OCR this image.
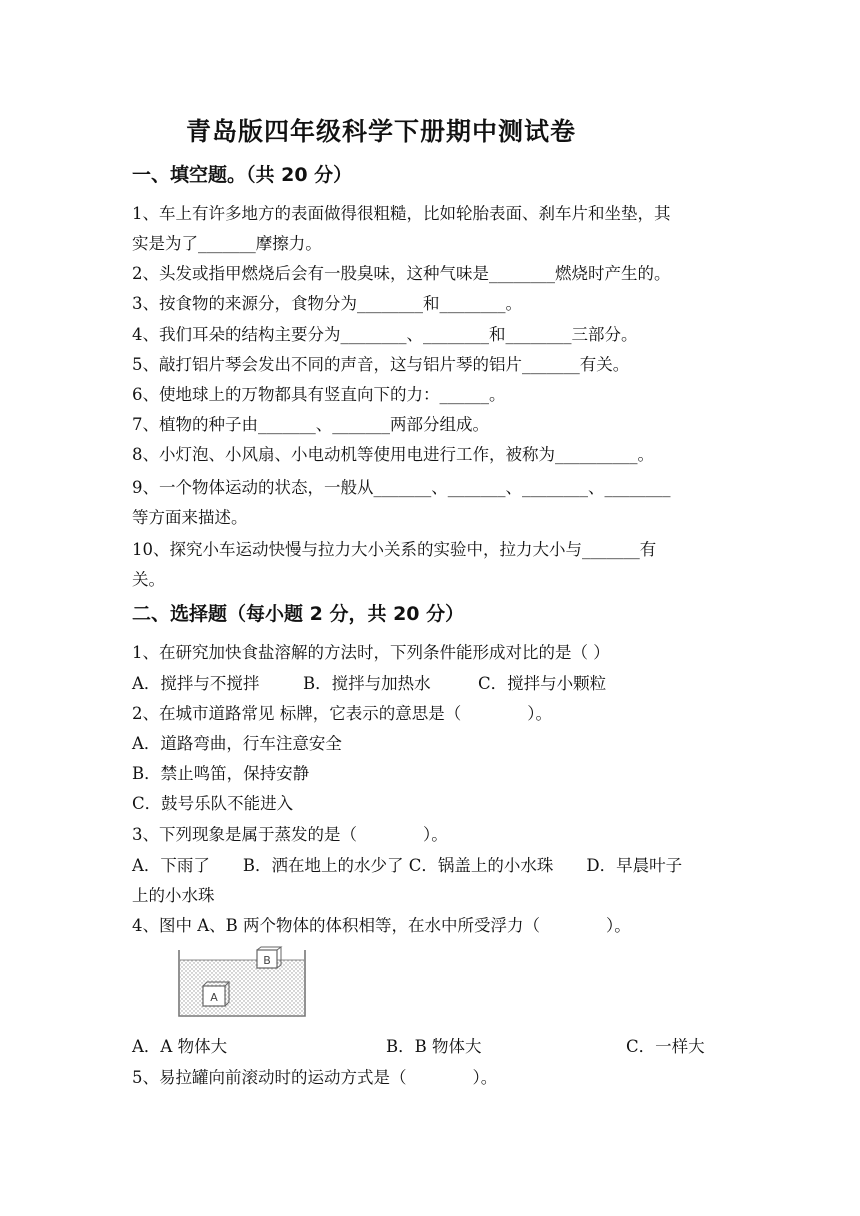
青岛版四年级科学下册期中测试卷
一、填空题。（共 20 分）
1、车上有许多地方的表面做得很粗糙，比如轮胎表面、刹车片和坐垫，其
实是为了_______摩擦力。
2、头发或指甲燃烧后会有一股臭味，这种气味是________燃烧时产生的。
3、按食物的来源分，食物分为________和________。
4、我们耳朵的结构主要分为________、________和________三部分。
5、敲打铝片琴会发出不同的声音，这与铝片琴的铝片_______有关。
6、使地球上的万物都具有竖直向下的力：______。
7、植物的种子由_______、_______两部分组成。
8、小灯泡、小风扇、小电动机等使用电进行工作，被称为__________。
9、一个物体运动的状态，一般从_______、_______、________、________
等方面来描述。
10、探究小车运动快慢与拉力大小关系的实验中，拉力大小与_______有
关。
二、选择题（每小题 2 分，共 20 分）
1、在研究加快食盐溶解的方法时，下列条件能形成对比的是（ ）
A．搅拌与不搅拌	B．搅拌与加热水	C．搅拌与小颗粒
2、在城市道路常见 标牌，它表示的意思是（　　　　）。
A．道路弯曲，行车注意安全
B．禁止鸣笛，保持安静
C．鼓号乐队不能进入
3、下列现象是属于蒸发的是（　　　　）。
A．下雨了　　B．洒在地上的水少了 C．锅盖上的小水珠　　D．早晨叶子
上的小水珠
4、图中 A、B 两个物体的体积相等，在水中所受浮力（　　　　）。
B
A
A．A 物体大	B．B 物体大	C．一样大
5、易拉罐向前滚动时的运动方式是（　　　　）。
